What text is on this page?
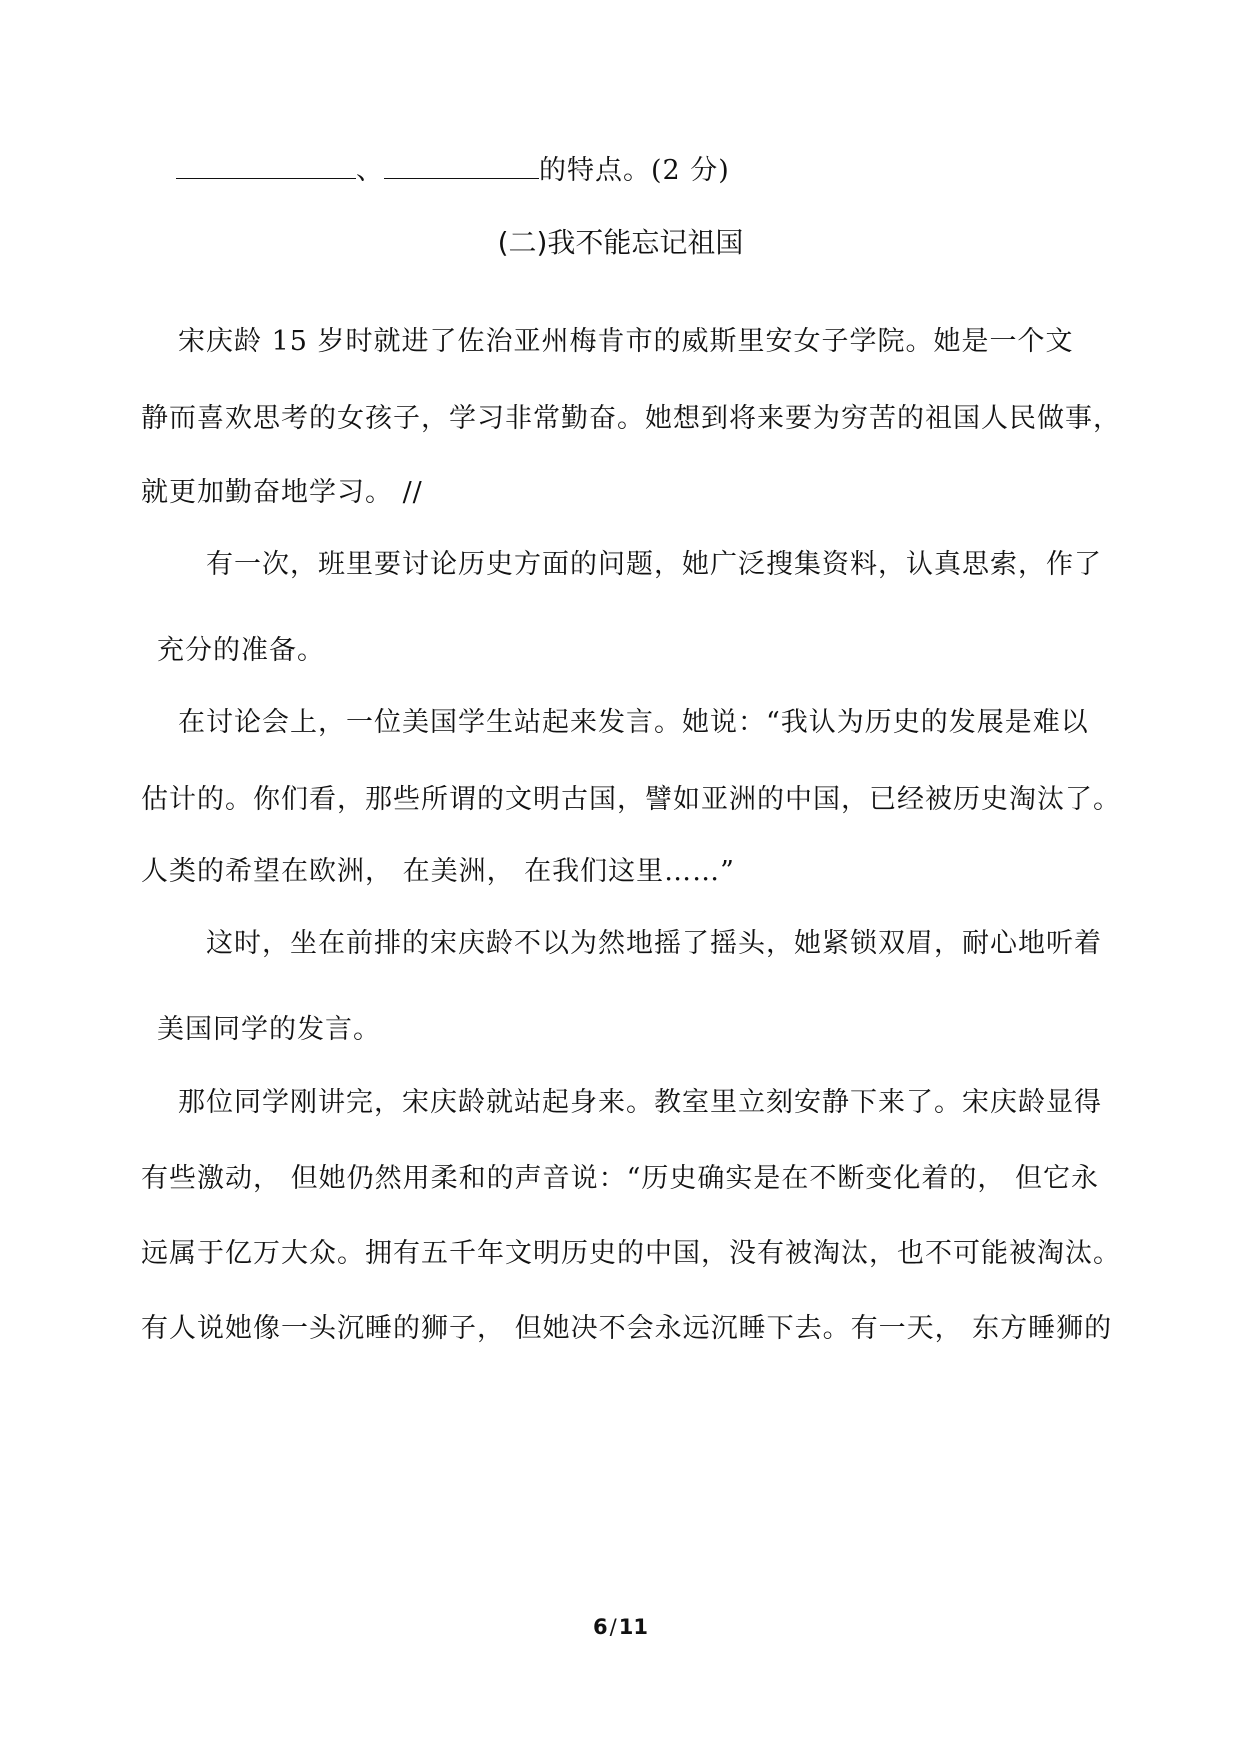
、	的特点。(2 分)
(二)我不能忘记祖国
宋庆龄 15 岁时就进了佐治亚州梅肯市的威斯里安女子学院。她是一个文
静而喜欢思考的女孩子，学习非常勤奋。她想到将来要为穷苦的祖国人民做事，
就更加勤奋地学习。 //
有一次，班里要讨论历史方面的问题，她广泛搜集资料，认真思索，作了
充分的准备。
在讨论会上，一位美国学生站起来发言。她说：“我认为历史的发展是难以
估计的。你们看，那些所谓的文明古国，譬如亚洲的中国，已经被历史淘汰了。
人类的希望在欧洲， 在美洲， 在我们这里……”
这时，坐在前排的宋庆龄不以为然地摇了摇头，她紧锁双眉，耐心地听着
美国同学的发言。
那位同学刚讲完，宋庆龄就站起身来。教室里立刻安静下来了。宋庆龄显得
有些激动， 但她仍然用柔和的声音说：“历史确实是在不断变化着的， 但它永
远属于亿万大众。拥有五千年文明历史的中国，没有被淘汰，也不可能被淘汰。
有人说她像一头沉睡的狮子， 但她决不会永远沉睡下去。有一天， 东方睡狮的
6/11
